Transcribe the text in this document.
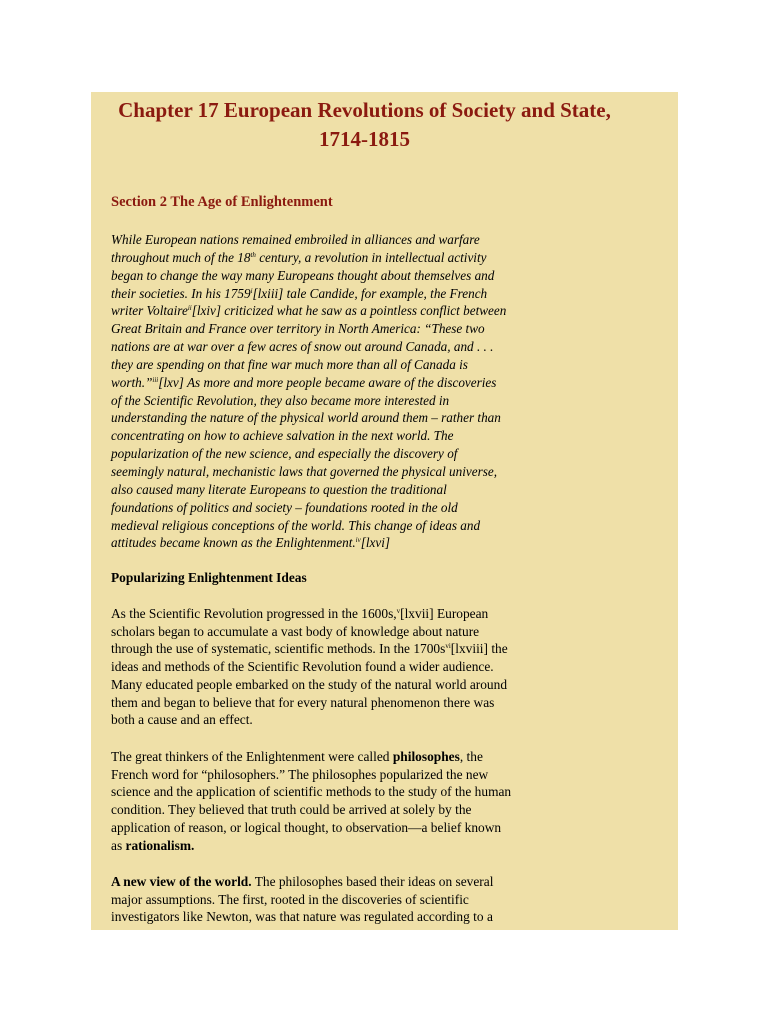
Chapter 17 European Revolutions of Society and State,
1714-1815
Section 2 The Age of Enlightenment

While European nations remained embroiled in alliances and warfare
throughout much of the 18th century, a revolution in intellectual activity
began to change the way many Europeans thought about themselves and
their societies. In his 1759$^i$[lxiii] tale Candide, for example, the French
writer Voltaire$^{ii}$[lxiv] criticized what he saw as a pointless conflict between
Great Britain and France over territory in North America: “These two
nations are at war over a few acres of snow out around Canada, and . . .
they are spending on that fine war much more than all of Canada is
worth.”$^{iii}$[lxv] As more and more people became aware of the discoveries
of the Scientific Revolution, they also became more interested in
understanding the nature of the physical world around them – rather than
concentrating on how to achieve salvation in the next world. The
popularization of the new science, and especially the discovery of
seemingly natural, mechanistic laws that governed the physical universe,
also caused many literate Europeans to question the traditional
foundations of politics and society – foundations rooted in the old
medieval religious conceptions of the world. This change of ideas and
attitudes became known as the Enlightenment.$^{iv}$[lxvi]

Popularizing Enlightenment Ideas

As the Scientific Revolution progressed in the 1600s,$^v$[lxvii] European
scholars began to accumulate a vast body of knowledge about nature
through the use of systematic, scientific methods. In the $1700s^{vi}[lxviii]$ the
ideas and methods of the Scientific Revolution found a wider audience.
Many educated people embarked on the study of the natural world around
them and began to believe that for every natural phenomenon there was
both a cause and an effect.

The great thinkers of the Enlightenment were called philosophes, the
French word for “philosophers.” The philosophes popularized the new
science and the application of scientific methods to the study of the human
condition. They believed that truth could be arrived at solely by the
application of reason, or logical thought, to observation—a belief known
as rationalism.

A new view of the world. The philosophes based their ideas on several
major assumptions. The first, rooted in the discoveries of scientific
investigators like Newton, was that nature was regulated according to a
